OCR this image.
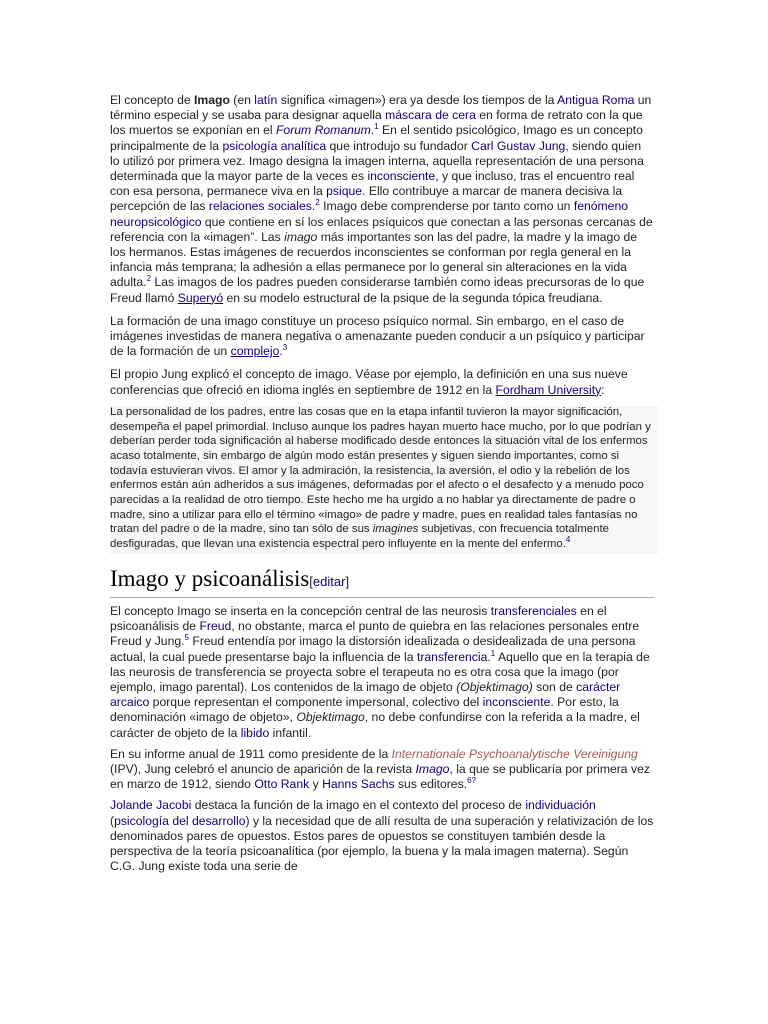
El concepto de Imago (en latín significa «imagen») era ya desde los tiempos de la Antigua Roma un término especial y se usaba para designar aquella máscara de cera en forma de retrato con la que los muertos se exponían en el Forum Romanum.$^1$ En el sentido psicológico, Imago es un concepto principalmente de la psicología analítica que introdujo su fundador Carl Gustav Jung, siendo quien lo utilizó por primera vez. Imago designa la imagen interna, aquella representación de una persona determinada que la mayor parte de la veces es inconsciente, y que incluso, tras el encuentro real con esa persona, permanece viva en la psique. Ello contribuye a marcar de manera decisiva la percepción de las relaciones sociales.$^2$ Imago debe comprenderse por tanto como un fenómeno neuropsicológico que contiene en sí los enlaces psíquicos que conectan a las personas cercanas de referencia con la «imagen”. Las imago más importantes son las del padre, la madre y la imago de los hermanos. Estas imágenes de recuerdos inconscientes se conforman por regla general en la infancia más temprana; la adhesión a ellas permanece por lo general sin alteraciones en la vida adulta.$^2$ Las imagos de los padres pueden considerarse también como ideas precursoras de lo que Freud llamó Superyó en su modelo estructural de la psique de la segunda tópica freudiana.

La formación de una imago constituye un proceso psíquico normal. Sin embargo, en el caso de imágenes investidas de manera negativa o amenazante pueden conducir a un psíquico y participar de la formación de un complejo.$^3$

El propio Jung explicó el concepto de imago. Véase por ejemplo, la definición en una sus nueve conferencias que ofreció en idioma inglés en septiembre de 1912 en la Fordham University:

La personalidad de los padres, entre las cosas que en la etapa infantil tuvieron la mayor significación, desempeña el papel primordial. Incluso aunque los padres hayan muerto hace mucho, por lo que podrían y deberían perder toda significación al haberse modificado desde entonces la situación vital de los enfermos acaso totalmente, sin embargo de algún modo están presentes y siguen siendo importantes, como si todavía estuvieran vivos. El amor y la admiración, la resistencia, la aversión, el odio y la rebelión de los enfermos están aún adheridos a sus imágenes, deformadas por el afecto o el desafecto y a menudo poco parecidas a la realidad de otro tiempo. Este hecho me ha urgido a no hablar ya directamente de padre o madre, sino a utilizar para ello el término «imago» de padre y madre, pues en realidad tales fantasías no tratan del padre o de la madre, sino tan sólo de sus imagines subjetivas, con frecuencia totalmente desfiguradas, que llevan una existencia espectral pero influyente en la mente del enfermo.$^4$
Imago y psicoanálisis[editar]

El concepto Imago se inserta en la concepción central de las neurosis transferenciales en el psicoanálisis de Freud, no obstante, marca el punto de quiebra en las relaciones personales entre Freud y Jung.$^5$ Freud entendía por imago la distorsión idealizada o desidealizada de una persona actual, la cual puede presentarse bajo la influencia de la transferencia.$^1$ Aquello que en la terapia de las neurosis de transferencia se proyecta sobre el terapeuta no es otra cosa que la imago (por ejemplo, imago parental). Los contenidos de la imago de objeto (Objektimago) son de carácter arcaico porque representan el componente impersonal, colectivo del inconsciente. Por esto, la denominación «imago de objeto», Objektimago, no debe confundirse con la referida a la madre, el carácter de objeto de la libido infantil.

En su informe anual de 1911 como presidente de la Internationale Psychoanalytische Vereinigung (IPV), Jung celebró el anuncio de aparición de la revista Imago, la que se publicaría por primera vez en marzo de 1912, siendo Otto Rank y Hanns Sachs sus editores.$^{6?}$

Jolande Jacobi destaca la función de la imago en el contexto del proceso de individuación (psicología del desarrollo) y la necesidad que de allí resulta de una superación y relativización de los denominados pares de opuestos. Estos pares de opuestos se constituyen también desde la perspectiva de la teoría psicoanalítica (por ejemplo, la buena y la mala imagen materna). Según C.G. Jung existe toda una serie de
